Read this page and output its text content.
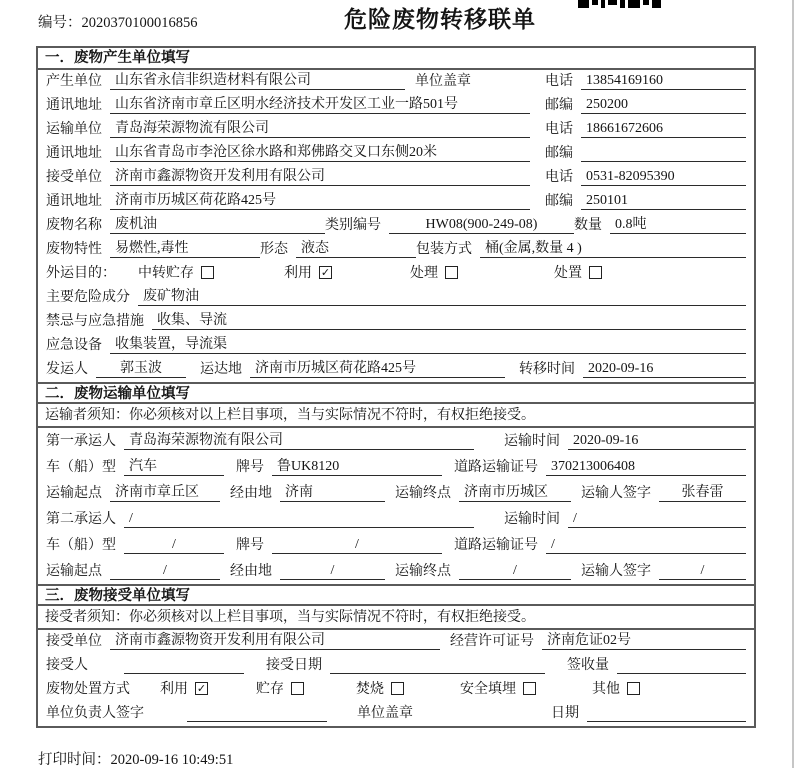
编号：2020370100016856	危险废物转移联单
一．废物产生单位填写
产生单位 山东省永信非织造材料有限公司	单位盖章	电话 13854169160
通讯地址 山东省济南市章丘区明水经济技术开发区工业一路501号	邮编 250200
运输单位 青岛海荣源物流有限公司	电话 18661672606
通讯地址 山东省青岛市李沧区徐水路和郑佛路交叉口东侧20米	邮编
接受单位 济南市鑫源物资开发利用有限公司	电话 0531-82095390
通讯地址 济南市历城区荷花路425号	邮编 250101
废物名称 废机油	类别编号	HW08(900-249-08)	数量 0.8吨
废物特性 易燃性,毒性	形态 液态	包装方式 桶(金属,数量 4 )
外运目的： 中转贮存	利用 ✓	处理	处置
主要危险成分 废矿物油
禁忌与应急措施 收集、导流
应急设备 收集装置，导流渠
发运人	郭玉波	运达地 济南市历城区荷花路425号	转移时间 2020-09-16
二．废物运输单位填写
运输者须知：你必须核对以上栏目事项，当与实际情况不符时，有权拒绝接受。
第一承运人 青岛海荣源物流有限公司	运输时间 2020-09-16
车（船）型 汽车	牌号 鲁UK8120	道路运输证号 370213006408
运输起点 济南市章丘区	经由地 济南	运输终点 济南市历城区	运输人签字	张春雷
第二承运人 /	运输时间 /
车（船）型	/	牌号	/	道路运输证号 /
运输起点	/	经由地	/	运输终点	/	运输人签字	/
三．废物接受单位填写
接受者须知：你必须核对以上栏目事项，当与实际情况不符时，有权拒绝接受。
接受单位 济南市鑫源物资开发利用有限公司	经营许可证号 济南危证02号
接受人	接受日期	签收量
废物处置方式 利用 ✓	贮存	焚烧	安全填埋	其他
单位负责人签字	单位盖章	日期
打印时间：2020-09-16 10:49:51
